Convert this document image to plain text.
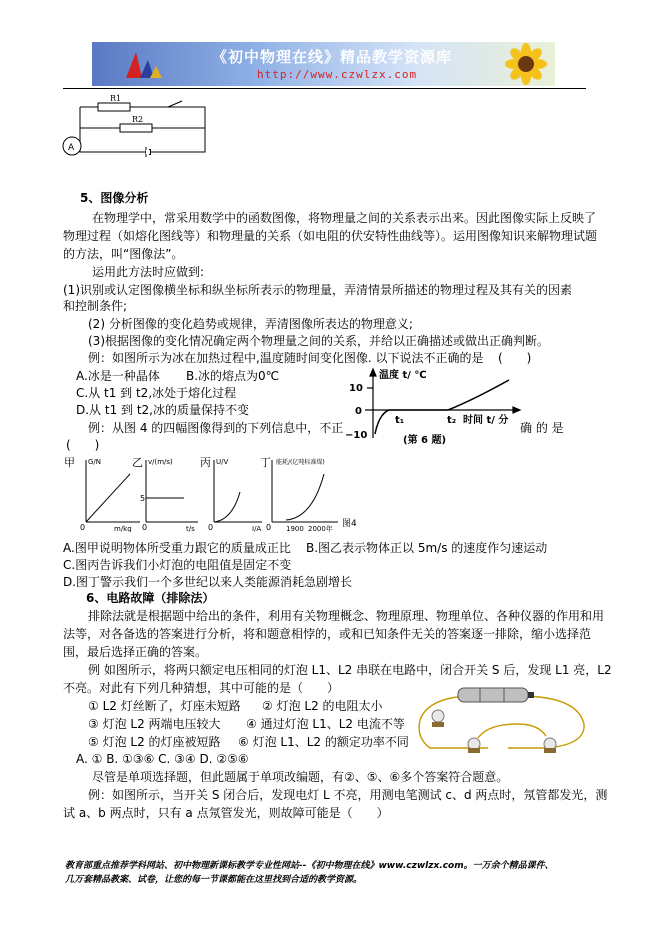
《初中物理在线》精品教学资源库
http://www.czwlzx.com
R1
R2
A
5、图像分析
在物理学中，常采用数学中的函数图像，将物理量之间的关系表示出来。因此图像实际上反映了
物理过程（如熔化图线等）和物理量的关系（如电阻的伏安特性曲线等）。运用图像知识来解物理试题
的方法，叫“图像法”。
运用此方法时应做到:
(1)识别或认定图像横坐标和纵坐标所表示的物理量，弄清情景所描述的物理过程及其有关的因素
和控制条件;
(2) 分析图像的变化趋势或规律，弄清图像所表达的物理意义;
(3)根据图像的变化情况确定两个物理量之间的关系，并给以正确描述或做出正确判断。
例：如图所示为冰在加热过程中,温度随时间变化图像. 以下说法不正确的是 (　　)
A.冰是一种晶体 B.冰的熔点为0℃
C.从 t1 到 t2,冰处于熔化过程
D.从 t1 到 t2,冰的质量保持不变
例：从图 4 的四幅图像得到的下列信息中，不正	确 的 是
(　　)
温度 t/ ℃
10
0
−10
t₁	t₂ 时间 t/ 分
(第 6 题)
甲 G/N
m/kg
0
乙 v/(m/s)
5
t/s
0
丙 U/V
I/A
0
丁 能耗/(亿吨标准煤)
1900 2000年
0	图4
A.图甲说明物体所受重力跟它的质量成正比 B.图乙表示物体正以 5m/s 的速度作匀速运动
C.图丙告诉我们小灯泡的电阻值是固定不变
D.图丁警示我们一个多世纪以来人类能源消耗急剧增长
6、电路故障（排除法）
排除法就是根据题中给出的条件，利用有关物理概念、物理原理、物理单位、各种仪器的作用和用
法等，对各备选的答案进行分析，将和题意相悖的，或和已知条件无关的答案逐一排除，缩小选择范
围，最后选择正确的答案。
例 如图所示，将两只额定电压相同的灯泡 L1、L2 串联在电路中，闭合开关 S 后，发现 L1 亮，L2
不亮。对此有下列几种猜想，其中可能的是（　　）
① L2 灯丝断了，灯座未短路 ② 灯泡 L2 的电阻太小
③ 灯泡 L2 两端电压较大 ④ 通过灯泡 L1、L2 电流不等
⑤ 灯泡 L2 的灯座被短路 ⑥ 灯泡 L1、L2 的额定功率不同
A. ① B. ①③⑥ C. ③④ D. ②⑤⑥
尽管是单项选择题，但此题属于单项改编题，有②、⑤、⑥多个答案符合题意。
例：如图所示，当开关 S 闭合后，发现电灯 L 不亮，用测电笔测试 c、d 两点时，氖管都发光，测
试 a、b 两点时，只有 a 点氖管发光，则故障可能是（　　）
教育部重点推荐学科网站、初中物理新课标教学专业性网站--《初中物理在线》www.czwlzx.com。一万余个精品课件、
几万套精品教案、试卷，让您的每一节课都能在这里找到合适的教学资源。
